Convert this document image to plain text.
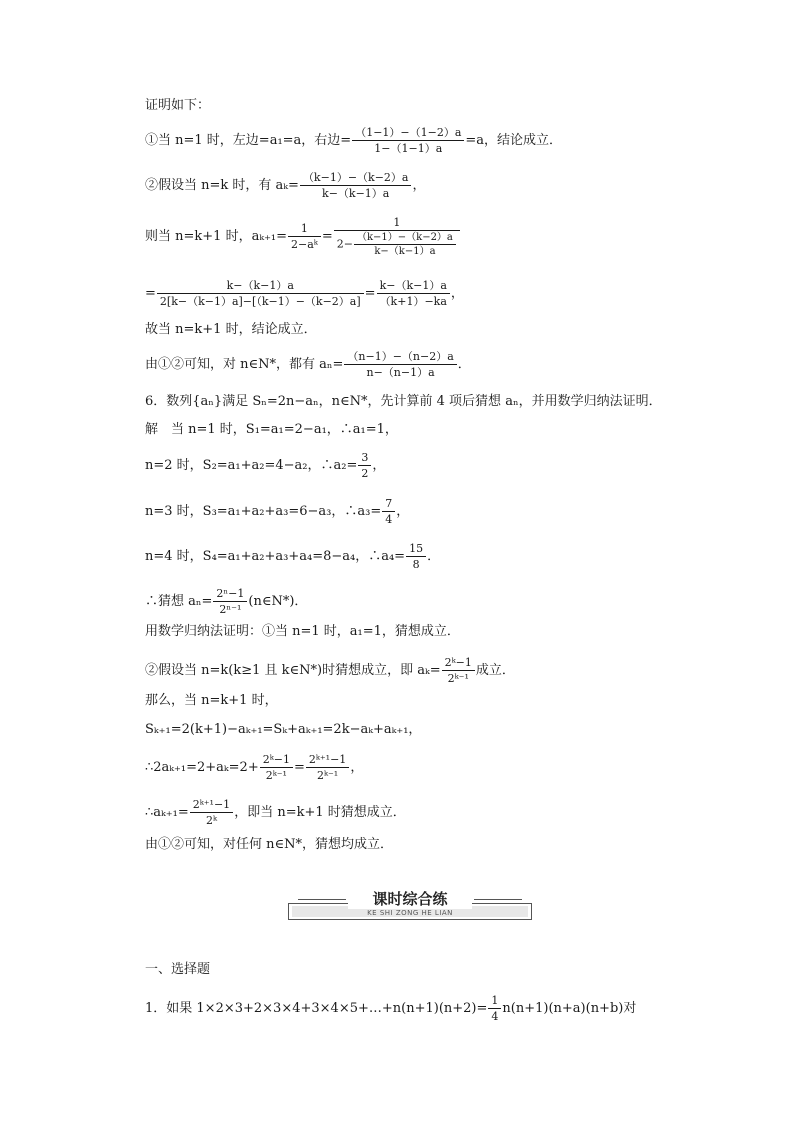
证明如下：
①当 n=1 时，左边=a₁=a，右边= $\frac{(1-1)-(1-2)a}{1-(1-1)a} =a$，结论成立．
②假设当 n=k 时，有 $a_k= \frac{(k-1)-(k-2)a}{k-(k-1)a}$ ，
则当 n=k+1 时，$a_{k+1}= \frac{1}{\text{2−aᵏ}} = \frac{1}{2- \frac{(k-1)-(k-2)a}{k-(k-1)a}}$
= $\frac{k-(k-1)a}{2[k-(k-1)a]-[(k-1)-(k-2)a]} = \frac{k-(k-1)a}{(k+1)-ka}$ ，
故当 n=k+1 时，结论成立．
由①②可知，对 n∈N*，都有 $a_n= \frac{(n-1)-(n-2)a}{n-(n-1)a}$ ．
6．数列{aₙ}满足 Sₙ=2n−aₙ，n∈N*，先计算前 4 项后猜想 aₙ，并用数学归纳法证明．
解　当 n=1 时，S₁=a₁=2−a₁，∴a₁=1，
n=2 时，S₂=a₁+a₂=4−a₂，∴a₂= $\frac{3}{2}$ ，
n=3 时，S₃=a₁+a₂+a₃=6−a₃，∴a₃= $\frac{7}{4}$ ，
n=4 时，S₄=a₁+a₂+a₃+a₄=8−a₄，∴a₄= $\frac{15}{8}$ ．
∴猜想 $a_n= \frac{\text{2ⁿ−1}}{\text{2ⁿ⁻¹}}$ (n∈N*)．
用数学归纳法证明：①当 n=1 时，a₁=1，猜想成立．
②假设当 n=k(k≥1 且 k∈N*)时猜想成立，即 $a_k= \frac{\text{2ᵏ−1}}{\text{2ᵏ⁻¹}}$ 成立．
那么，当 n=k+1 时，
Sₖ₊₁=2(k+1)−aₖ₊₁=Sₖ+aₖ₊₁=2k−aₖ+aₖ₊₁，
∴2aₖ₊₁=2+aₖ=2+ $\frac{\text{2ᵏ−1}}{\text{2ᵏ⁻¹}} = \frac{\text{2ᵏ⁺¹−1}}{\text{2ᵏ⁻¹}}$ ，
∴aₖ₊₁= $\frac{\text{2ᵏ⁺¹−1}}{\text{2ᵏ}}$ ，即当 n=k+1 时猜想成立．
由①②可知，对任何 n∈N*，猜想均成立．
课时综合练
KE SHI ZONG HE LIAN
一、选择题
1．如果 1×2×3+2×3×4+3×4×5+…+n(n+1)(n+2)= $\frac{1}{4} n(n+1)(n+a)(n+b)$对
